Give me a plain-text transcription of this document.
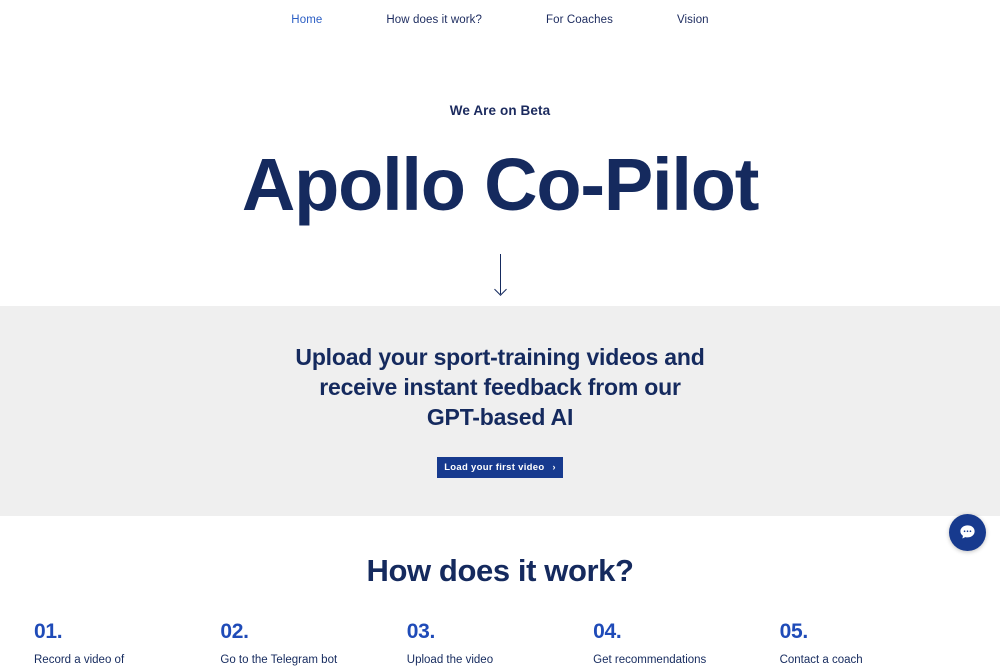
Home	How does it work?	For Coaches	Vision
We Are on Beta
Apollo Co-Pilot
Upload your sport-training videos and receive instant feedback from our GPT-based AI
Load your first video ›
How does it work?
01.
Record a video of
02.
Go to the Telegram bot
03.
Upload the video
04.
Get recommendations
05.
Contact a coach
